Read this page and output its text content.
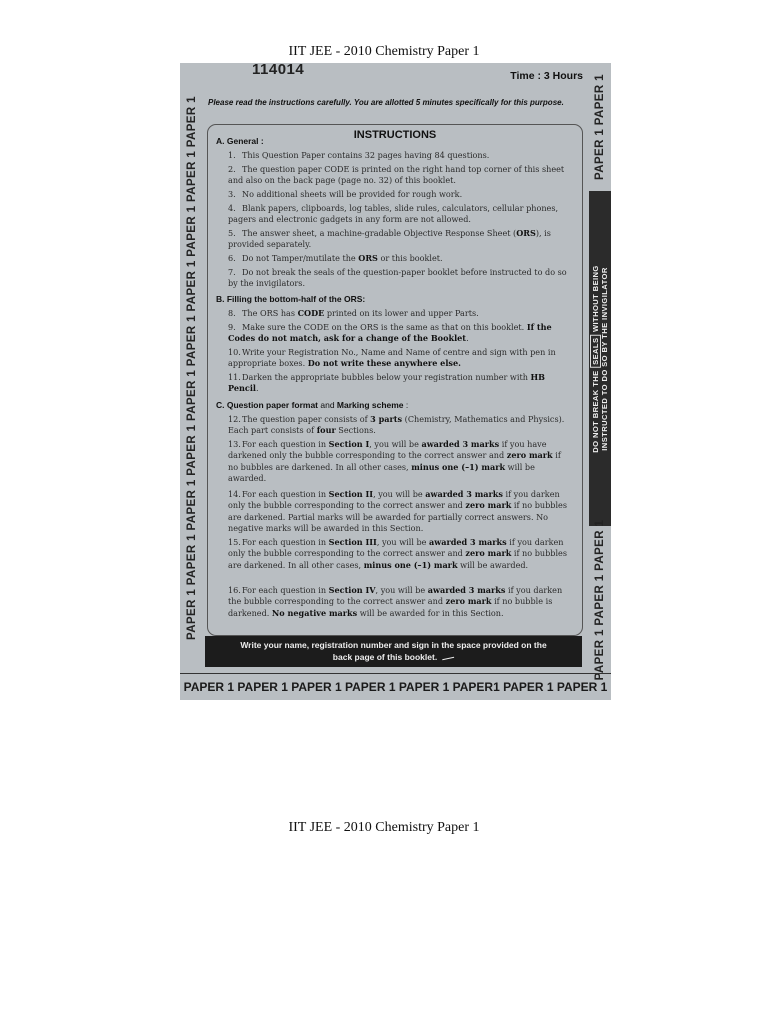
IIT JEE - 2010 Chemistry Paper 1
PAPER 1 PAPER 1 PAPER 1 PAPER 1 PAPER 1 PAPER 1 PAPER 1 PAPER 1 PAPER 1 PAPER 1	PAPER 1 PAPER 1
DO NOT BREAK THE SEALS WITHOUT BEING
INSTRUCTED TO DO SO BY THE INVIGILATOR
PAPER 1 PAPER 1 PAPER 1
114014	Time : 3 Hours
Please read the instructions carefully. You are allotted 5 minutes specifically for this purpose.
INSTRUCTIONS
A. General :
1. This Question Paper contains 32 pages having 84 questions.
2. The question paper CODE is printed on the right hand top corner of this sheet and also on the back page (page no. 32) of this booklet.
3. No additional sheets will be provided for rough work.
4. Blank papers, clipboards, log tables, slide rules, calculators, cellular phones, pagers and electronic gadgets in any form are not allowed.
5. The answer sheet, a machine-gradable Objective Response Sheet (ORS), is provided separately.
6. Do not Tamper/mutilate the ORS or this booklet.
7. Do not break the seals of the question-paper booklet before instructed to do so by the invigilators.
B. Filling the bottom-half of the ORS:
8. The ORS has CODE printed on its lower and upper Parts.
9. Make sure the CODE on the ORS is the same as that on this booklet. If the Codes do not match, ask for a change of the Booklet.
10.Write your Registration No., Name and Name of centre and sign with pen in appropriate boxes. Do not write these anywhere else.
11.Darken the appropriate bubbles below your registration number with HB Pencil.
C. Question paper format and Marking scheme :
12.The question paper consists of 3 parts (Chemistry, Mathematics and Physics). Each part consists of four Sections.
13.For each question in Section I, you will be awarded 3 marks if you have darkened only the bubble corresponding to the correct answer and zero mark if no bubbles are darkened. In all other cases, minus one (–1) mark will be awarded.
14.For each question in Section II, you will be awarded 3 marks if you darken only the bubble corresponding to the correct answer and zero mark if no bubbles are darkened. Partial marks will be awarded for partially correct answers. No negative marks will be awarded in this Section.
15.For each question in Section III, you will be awarded 3 marks if you darken only the bubble corresponding to the correct answer and zero mark if no bubbles are darkened. In all other cases, minus one (–1) mark will be awarded.
16.For each question in Section IV, you will be awarded 3 marks if you darken the bubble corresponding to the correct answer and zero mark if no bubble is darkened. No negative marks will be awarded for in this Section.
Write your name, registration number and sign in the space provided on the
back page of this booklet.
PAPER 1 PAPER 1 PAPER 1 PAPER 1 PAPER 1 PAPER1 PAPER 1 PAPER 1
IIT JEE - 2010 Chemistry Paper 1
